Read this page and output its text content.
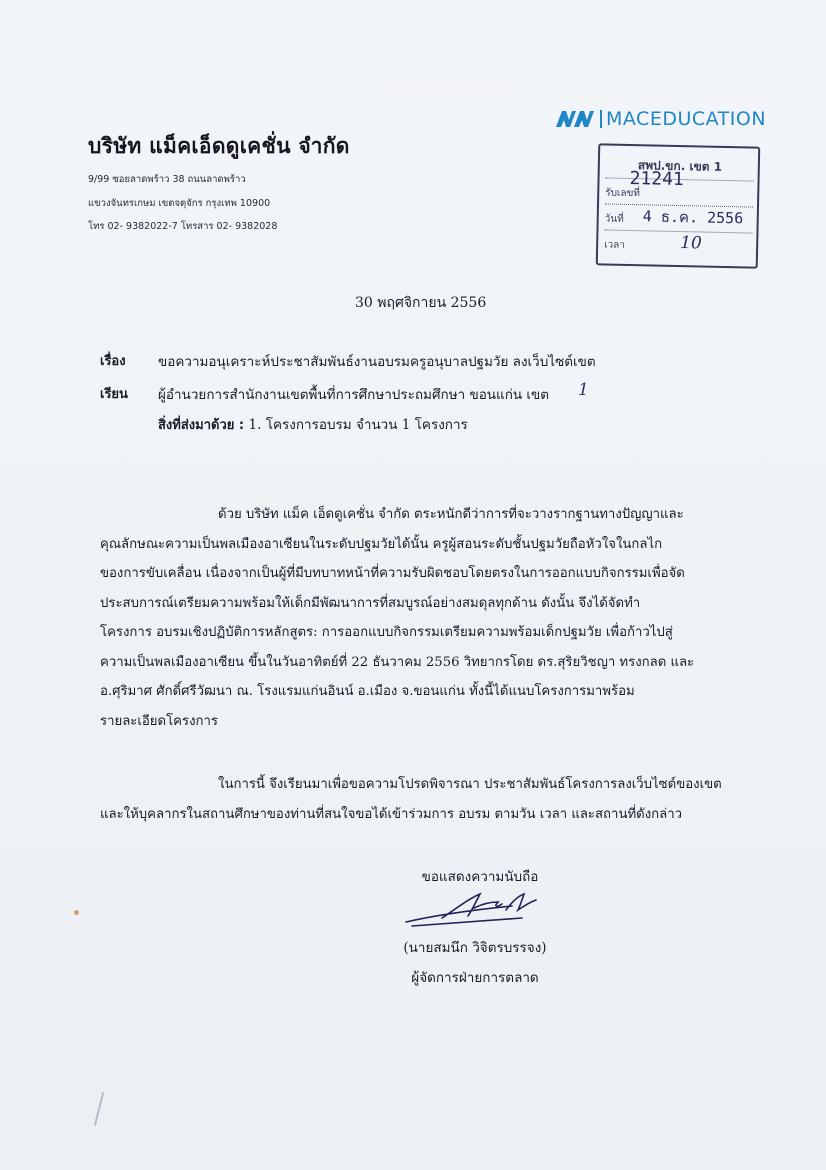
บริษัท แม็คเอ็ดดูเคชั่น จำกัด
9/99 ซอยลาดพร้าว 38 ถนนลาดพร้าว
แขวงจันทรเกษม เขตจตุจักร กรุงเทพ 10900
โทร 02- 9382022-7 โทรสาร 02- 9382028
MACEDUCATION
สพป.ขก. เขต 1
รับเลขที่
21241
วันที่ 4 ธ.ค. 2556
เวลา	10
30 พฤศจิกายน 2556
เรื่อง ขอความอนุเคราะห์ประชาสัมพันธ์งานอบรมครูอนุบาลปฐมวัย ลงเว็บไซต์เขต
เรียน ผู้อำนวยการสำนักงานเขตพื้นที่การศึกษาประถมศึกษา ขอนแก่น เขต 1
สิ่งที่ส่งมาด้วย : 1. โครงการอบรม จำนวน 1 โครงการ
ด้วย บริษัท แม็ค เอ็ดดูเคชั่น จำกัด ตระหนักดีว่าการที่จะวางรากฐานทางปัญญาและ
คุณลักษณะความเป็นพลเมืองอาเซียนในระดับปฐมวัยได้นั้น ครูผู้สอนระดับชั้นปฐมวัยถือหัวใจในกลไก
ของการขับเคลื่อน เนื่องจากเป็นผู้ที่มีบทบาทหน้าที่ความรับผิดชอบโดยตรงในการออกแบบกิจกรรมเพื่อจัด
ประสบการณ์เตรียมความพร้อมให้เด็กมีพัฒนาการที่สมบูรณ์อย่างสมดุลทุกด้าน ดังนั้น จึงได้จัดทำ
โครงการ อบรมเชิงปฏิบัติการหลักสูตร: การออกแบบกิจกรรมเตรียมความพร้อมเด็กปฐมวัย เพื่อก้าวไปสู่
ความเป็นพลเมืองอาเซียน ขึ้นในวันอาทิตย์ที่ 22 ธันวาคม 2556 วิทยากรโดย ดร.สุริยวิชญา ทรงกลด และ
อ.ศุริมาศ ศักดิ์ศรีวัฒนา ณ. โรงแรมแก่นอินน์ อ.เมือง จ.ขอนแก่น ทั้งนี้ได้แนบโครงการมาพร้อม
รายละเอียดโครงการ
ในการนี้ จึงเรียนมาเพื่อขอความโปรดพิจารณา ประชาสัมพันธ์โครงการลงเว็บไซต์ของเขต
และให้บุคลากรในสถานศึกษาของท่านที่สนใจขอได้เข้าร่วมการ อบรม ตามวัน เวลา และสถานที่ดังกล่าว
ขอแสดงความนับถือ
(นายสมนึก วิจิตรบรรจง)
ผู้จัดการฝ่ายการตลาด
